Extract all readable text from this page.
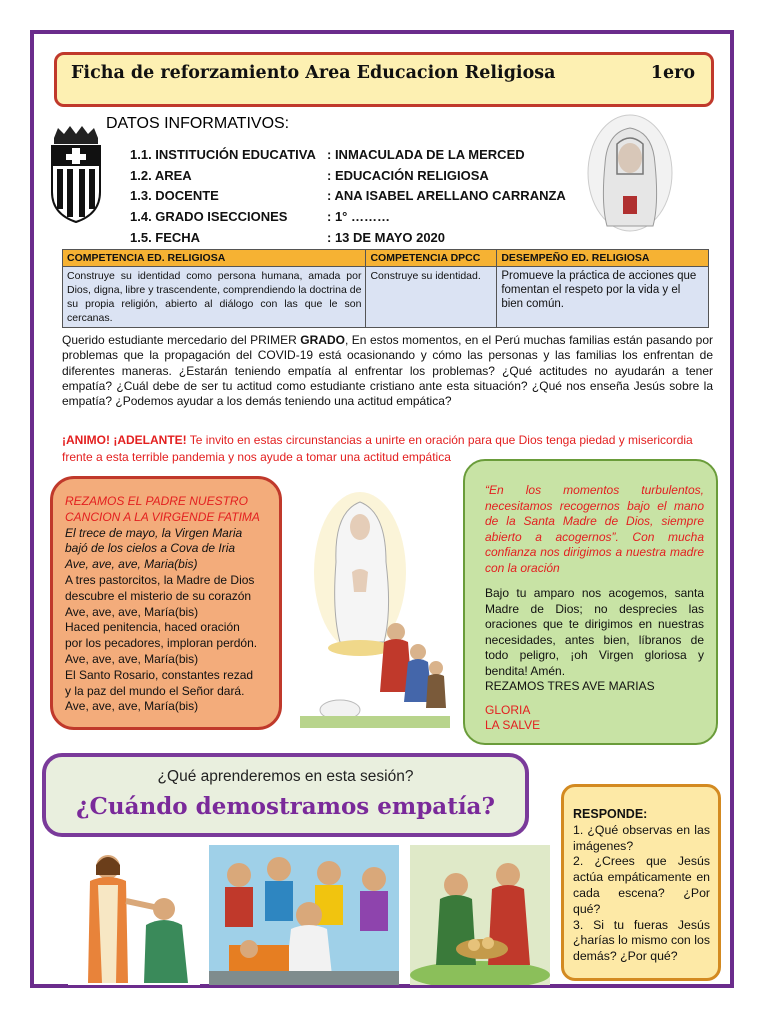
Ficha de reforzamiento Area Educacion Religiosa	1ero
DATOS INFORMATIVOS:
1.1. INSTITUCIÓN EDUCATIVA : INMACULADA DE LA MERCED
1.2. AREA	: EDUCACIÓN RELIGIOSA
1.3. DOCENTE	: ANA ISABEL ARELLANO CARRANZA
1.4. GRADO ISECCIONES	: 1° ………
1.5. FECHA	: 13 DE MAYO 2020
COMPETENCIA ED. RELIGIOSA	COMPETENCIA DPCC	DESEMPEÑO ED. RELIGIOSA
Construye su identidad como persona humana, amada por Dios, digna, libre y trascendente, comprendiendo la doctrina de su propia religión, abierto al diálogo con las que le son cercanas.	Construye su identidad.	Promueve la práctica de acciones que fomentan el respeto por la vida y el bien común.
Querido estudiante mercedario del PRIMER GRADO, En estos momentos, en el Perú muchas familias están pasando por problemas que la propagación del COVID-19 está ocasionando y cómo las personas y las familias los enfrentan de diferentes maneras. ¿Estarán teniendo empatía al enfrentar los problemas? ¿Qué actitudes no ayudarán a tener empatía? ¿Cuál debe de ser tu actitud como estudiante cristiano ante esta situación? ¿Qué nos enseña Jesús sobre la empatía? ¿Podemos ayudar a los demás teniendo una actitud empática?
¡ANIMO! ¡ADELANTE! Te invito en estas circunstancias a unirte en oración para que Dios tenga piedad y misericordia frente a esta terrible pandemia y nos ayude a tomar una actitud empática
REZAMOS EL PADRE NUESTRO
CANCION A LA VIRGENDE FATIMA
El trece de mayo, la Virgen Maria
bajó de los cielos a Cova de Iria
Ave, ave, ave, Maria(bis)
A tres pastorcitos, la Madre de Dios
descubre el misterio de su corazón
Ave, ave, ave, María(bis)
Haced penitencia, haced oración
por los pecadores, imploran perdón.
Ave, ave, ave, María(bis)
El Santo Rosario, constantes rezad
y la paz del mundo el Señor dará.
Ave, ave, ave, María(bis)
“En los momentos turbulentos, necesitamos recogernos bajo el mano de la Santa Madre de Dios, siempre abierto a acogernos”. Con mucha confianza nos dirigimos a nuestra madre con la oración
Bajo tu amparo nos acogemos, santa Madre de Dios; no desprecies las oraciones que te dirigimos en nuestras necesidades, antes bien, líbranos de todo peligro, ¡oh Virgen gloriosa y bendita! Amén.
REZAMOS TRES AVE MARIAS
GLORIA
LA SALVE
¿Qué aprenderemos en esta sesión?
¿Cuándo demostramos empatía?	RESPONDE:
1. ¿Qué observas en las imágenes?
2. ¿Crees que Jesús actúa empáticamente en cada escena? ¿Por qué?
3. Si tu fueras Jesús ¿harías lo mismo con los demás? ¿Por qué?
